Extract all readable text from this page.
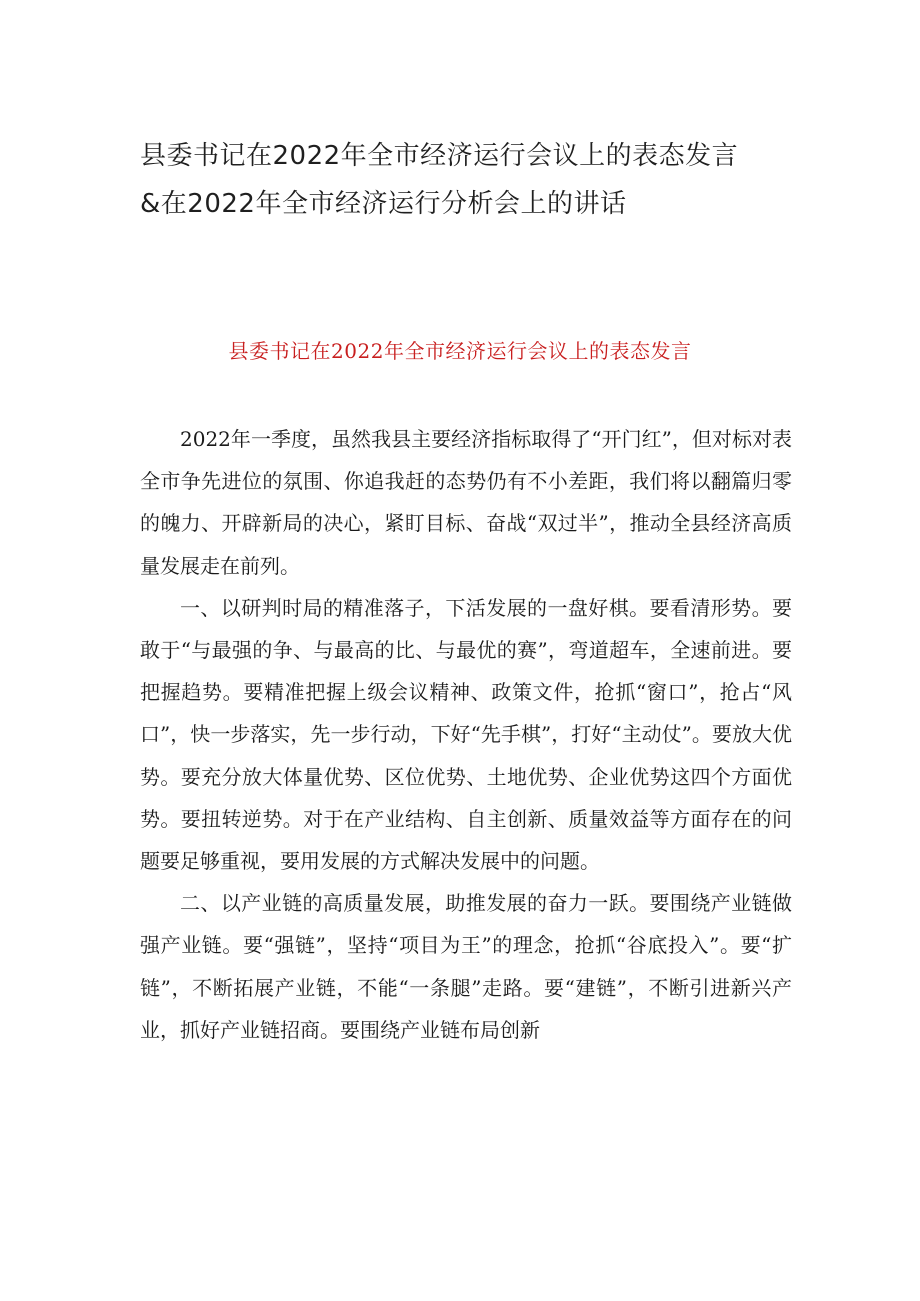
县委书记在2022年全市经济运行会议上的表态发言
&在2022年全市经济运行分析会上的讲话
县委书记在2022年全市经济运行会议上的表态发言

2022年一季度，虽然我县主要经济指标取得了“开门红”，但对标对表全市争先进位的氛围、你追我赶的态势仍有不小差距，我们将以翻篇归零的魄力、开辟新局的决心，紧盯目标、奋战“双过半”，推动全县经济高质量发展走在前列。

一、以研判时局的精准落子，下活发展的一盘好棋。要看清形势。要敢于“与最强的争、与最高的比、与最优的赛”，弯道超车，全速前进。要把握趋势。要精准把握上级会议精神、政策文件，抢抓“窗口”，抢占“风口”，快一步落实，先一步行动，下好“先手棋”，打好“主动仗”。要放大优势。要充分放大体量优势、区位优势、土地优势、企业优势这四个方面优势。要扭转逆势。对于在产业结构、自主创新、质量效益等方面存在的问题要足够重视，要用发展的方式解决发展中的问题。

二、以产业链的高质量发展，助推发展的奋力一跃。要围绕产业链做强产业链。要“强链”，坚持“项目为王”的理念，抢抓“谷底投入”。要“扩链”，不断拓展产业链，不能“一条腿”走路。要“建链”，不断引进新兴产业，抓好产业链招商。要围绕产业链布局创新
